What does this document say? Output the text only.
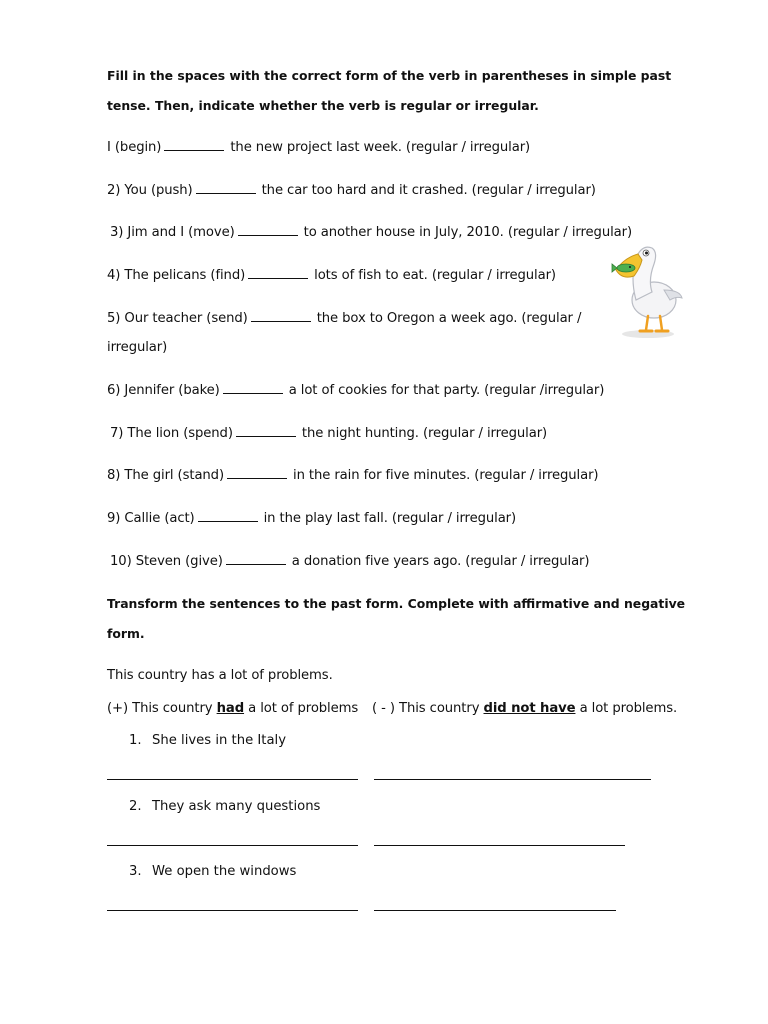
Fill in the spaces with the correct form of the verb in parentheses in simple past
tense. Then, indicate whether the verb is regular or irregular.
I (begin)	the new project last week. (regular / irregular)
2) You (push)	the car too hard and it crashed. (regular / irregular)
3) Jim and I (move)	to another house in July, 2010. (regular / irregular)
4) The pelicans (find)	lots of fish to eat. (regular / irregular)
5) Our teacher (send)	the box to Oregon a week ago. (regular /
irregular)
6) Jennifer (bake)	a lot of cookies for that party. (regular /irregular)
7) The lion (spend)	the night hunting. (regular / irregular)
8) The girl (stand)	in the rain for five minutes. (regular / irregular)
9) Callie (act)	in the play last fall. (regular / irregular)
10) Steven (give)	a donation five years ago. (regular / irregular)
Transform the sentences to the past form. Complete with affirmative and negative
form.
This country has a lot of problems.
(+) This country had a lot of problems ( - ) This country did not have a lot problems.
1. She lives in the Italy
2. They ask many questions
3. We open the windows
